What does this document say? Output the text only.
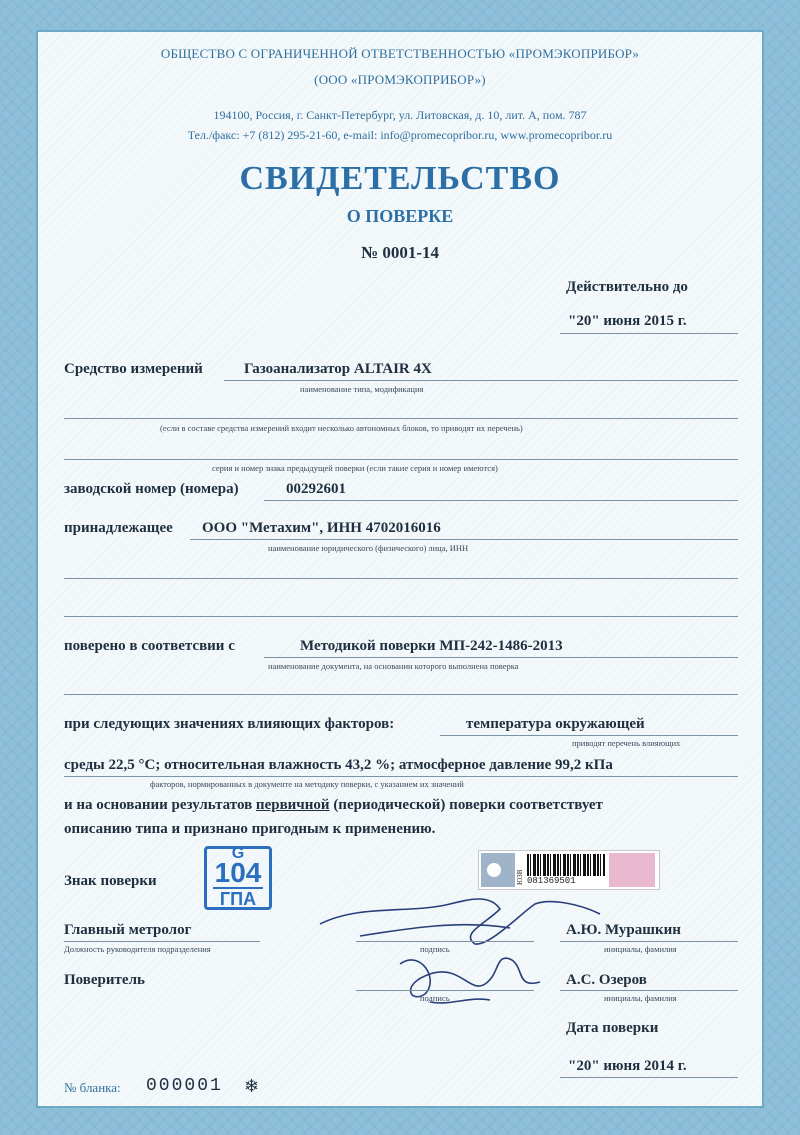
ОБЩЕСТВО С ОГРАНИЧЕННОЙ ОТВЕТСТВЕННОСТЬЮ «ПРОМЭКОПРИБОР»
(ООО «ПРОМЭКОПРИБОР»)
194100, Россия, г. Санкт-Петербург, ул. Литовская, д. 10, лит. А, пом. 787
Тел./факс: +7 (812) 295-21-60, e-mail: info@promecopribor.ru, www.promecopribor.ru
СВИДЕТЕЛЬСТВО
О ПОВЕРКЕ
№ 0001-14
Действительно до
"20" июня 2015 г.
Средство измерений	Газоанализатор ALTAIR 4X
наименование типа, модификация
(если в составе средства измерений входит несколько автономных блоков, то приводят их перечень)
серия и номер знака предыдущей поверки (если такие серия и номер имеются)
заводской номер (номера)	00292601
принадлежащее ООО "Метахим", ИНН 4702016016
наименование юридического (физического) лица, ИНН
поверено в соответсвии с	Методикой поверки МП-242-1486-2013
наименование документа, на основании которого выполнена поверка
при следующих значениях влияющих факторов:	температура окружающей
приводят перечень влияющих
среды 22,5 °С; относительная влажность 43,2 %; атмосферное давление 99,2 кПа
факторов, нормированных в документе на методику поверки, с указанием их значений
и на основании результатов первичной (периодической) поверки соответствует
описанию типа и признано пригодным к применению.
Знак поверки
G
104
ГПА
ЮЗВ 081369501
Главный метролог
Должность руководителя подразделения	подпись
А.Ю. Мурашкин
инициалы, фамилия
Поверитель
подпись
А.С. Озеров
инициалы, фамилия
Дата поверки
"20" июня 2014 г.
№ бланка: 000001 ❄
